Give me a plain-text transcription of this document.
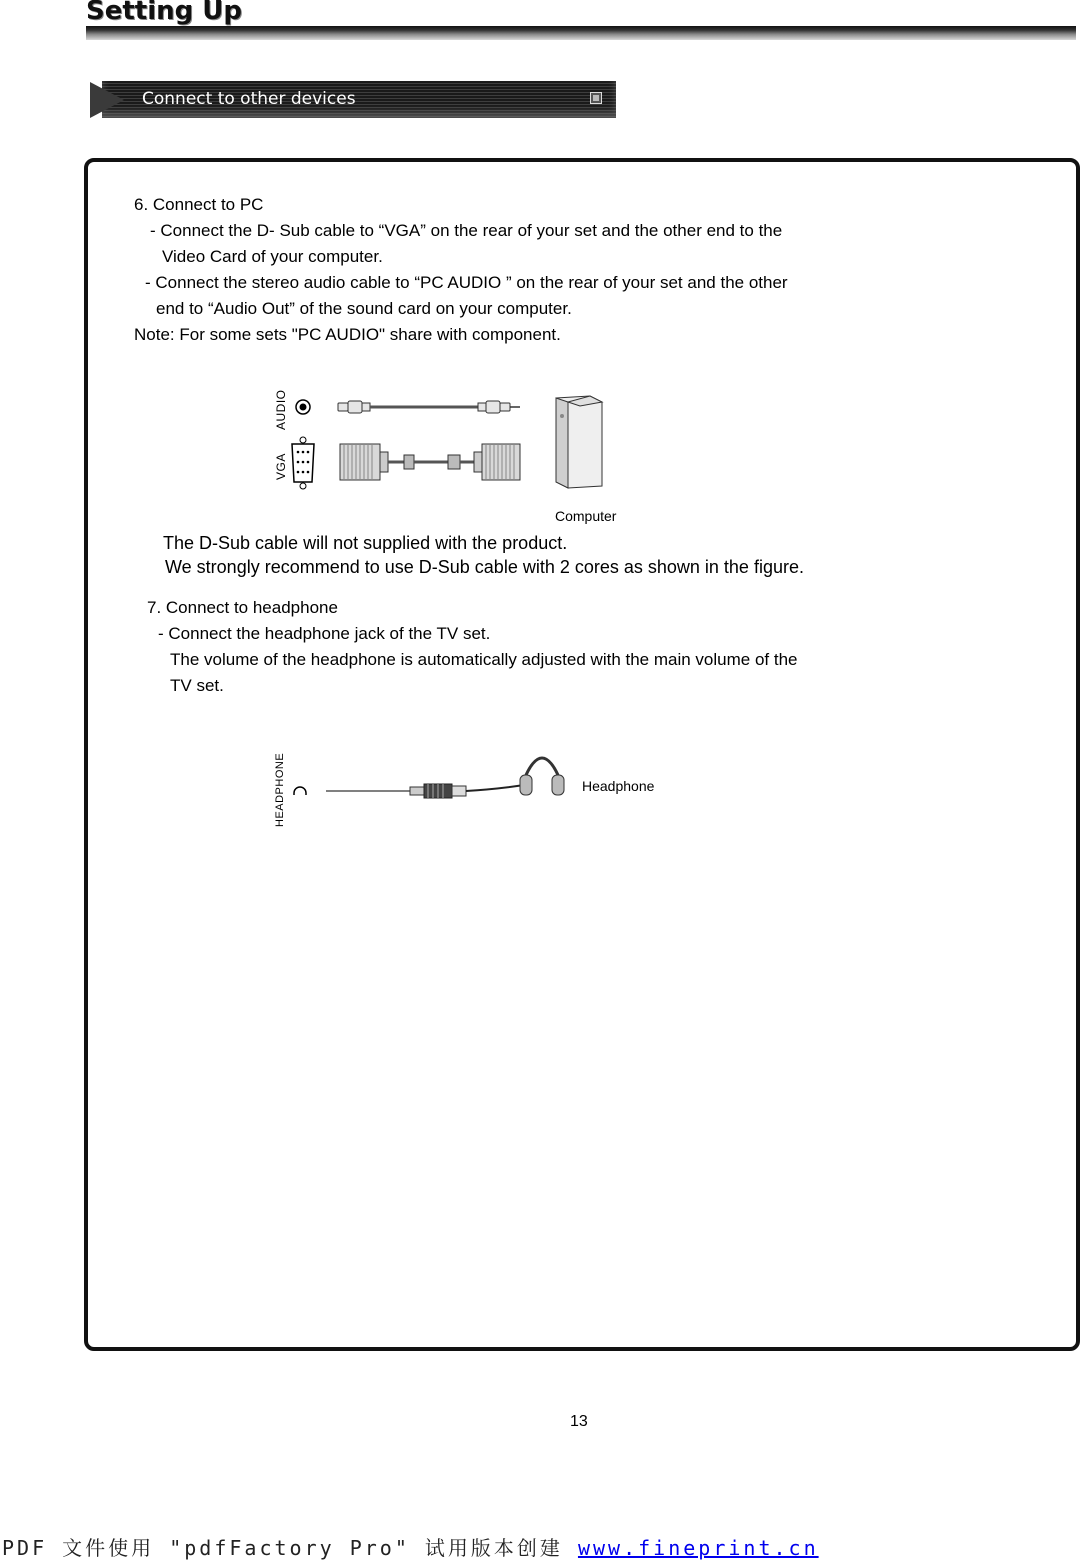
Setting Up
Connect to other devices
6. Connect to PC
- Connect the D- Sub cable to “VGA” on the rear of your set and the other end to the
Video Card of your computer.
- Connect the stereo audio cable to “PC AUDIO ” on the rear of your set and the other
end to “Audio Out” of the sound card on your computer.
Note: For some sets "PC AUDIO" share with component.
AUDIO
VGA
Computer
The D-Sub cable will not supplied with the product.
We strongly recommend to use D-Sub cable with 2 cores as shown in the figure.
7. Connect to headphone
- Connect the headphone jack of the TV set.
The volume of the headphone is automatically adjusted with the main volume of the
TV set.
HEADPHONE	Headphone
13
PDF 文件使用 "pdfFactory Pro" 试用版本创建 www.fineprint.cn
